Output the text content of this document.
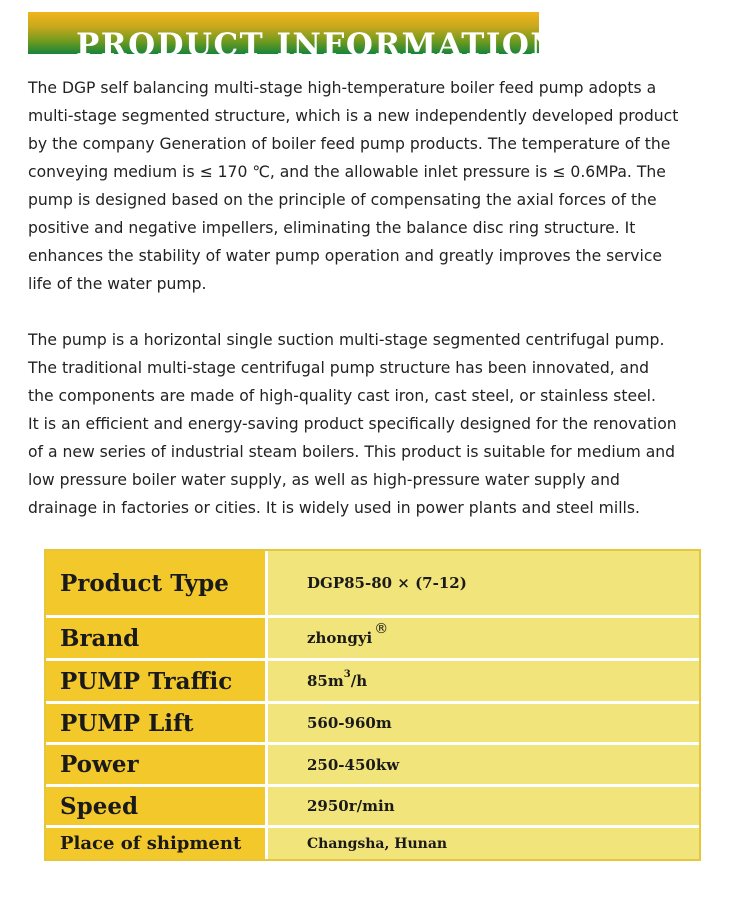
PRODUCT INFORMATION

The DGP self balancing multi-stage high-temperature boiler feed pump adopts a
multi-stage segmented structure, which is a new independently developed product
by the company Generation of boiler feed pump products. The temperature of the
conveying medium is ≤ 170 ℃, and the allowable inlet pressure is ≤ 0.6MPa. The
pump is designed based on the principle of compensating the axial forces of the
positive and negative impellers, eliminating the balance disc ring structure. It
enhances the stability of water pump operation and greatly improves the service
life of the water pump.

The pump is a horizontal single suction multi-stage segmented centrifugal pump.
The traditional multi-stage centrifugal pump structure has been innovated, and
the components are made of high-quality cast iron, cast steel, or stainless steel.
It is an efficient and energy-saving product specifically designed for the renovation
of a new series of industrial steam boilers. This product is suitable for medium and
low pressure boiler water supply, as well as high-pressure water supply and
drainage in factories or cities. It is widely used in power plants and steel mills.

Product Type	DGP85-80 × (7-12)
Brand	zhongyi ®
PUMP Traffic	85m 3 /h
PUMP Lift	560-960m
Power	250-450kw
Speed	2950r/min
Place of shipment	Changsha, Hunan
